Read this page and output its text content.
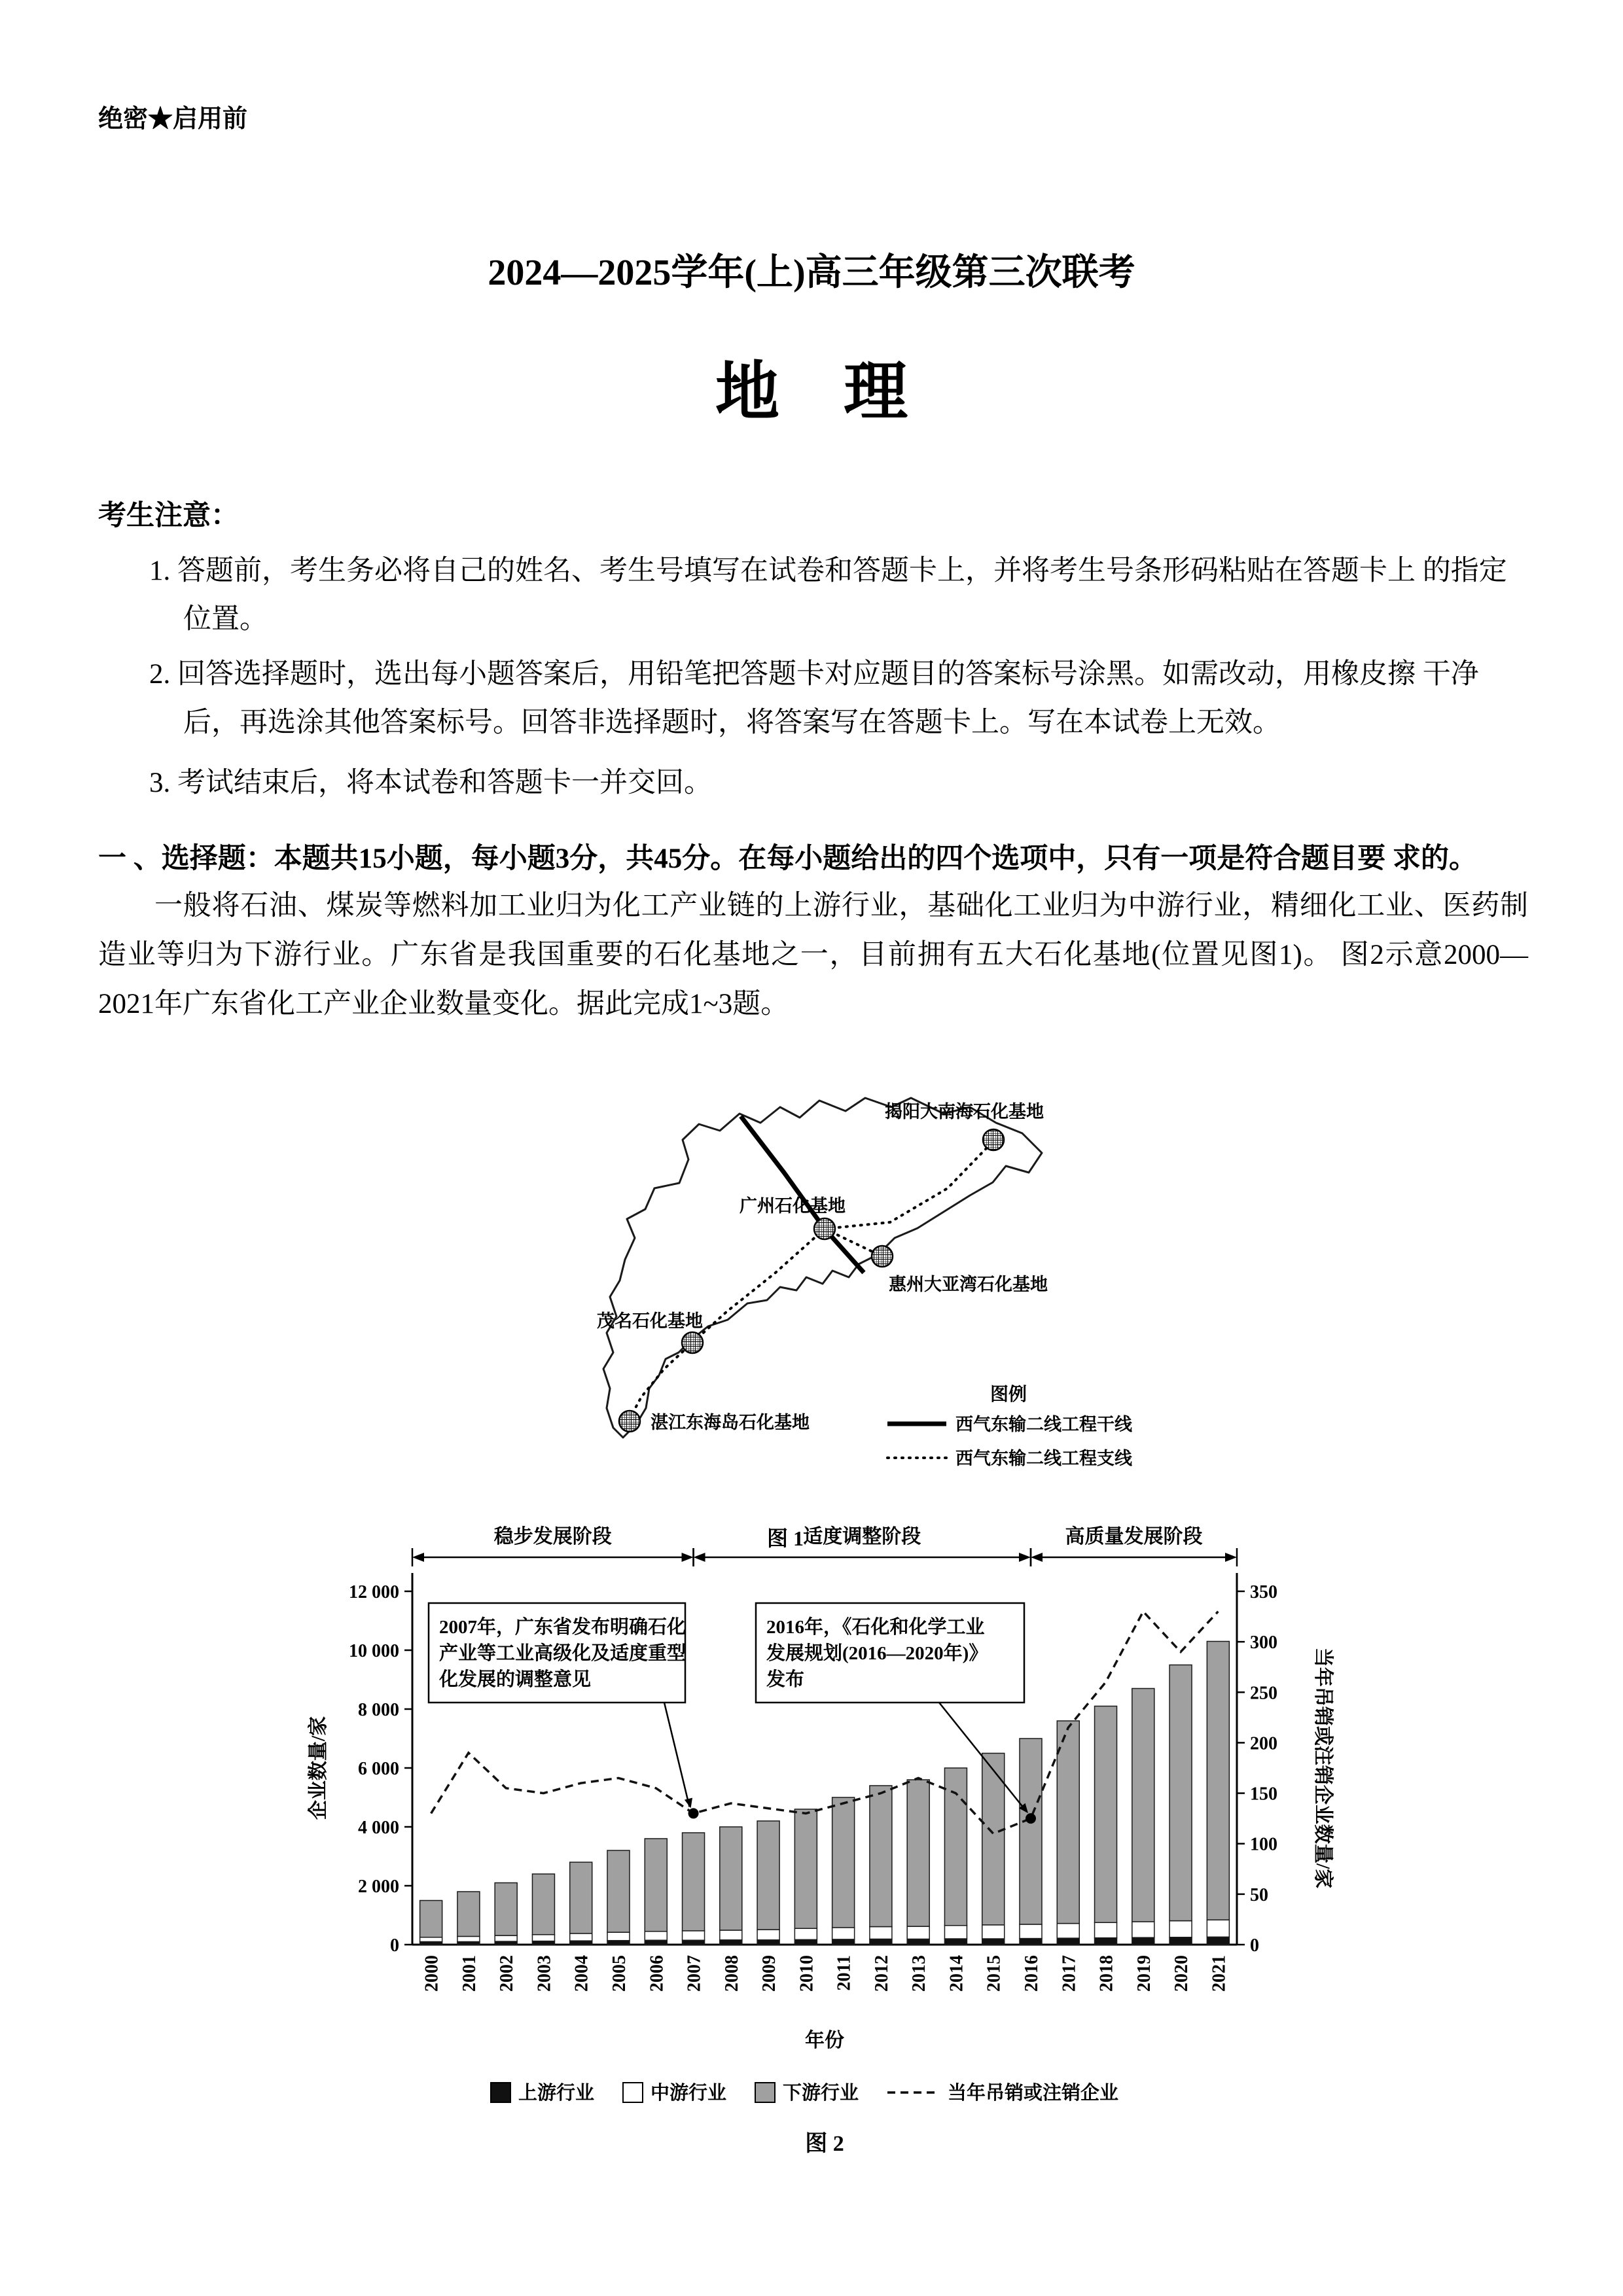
绝密★启用前
2024—2025学年(上)高三年级第三次联考
地　理
考生注意：
1. 答题前，考生务必将自己的姓名、考生号填写在试卷和答题卡上，并将考生号条形码粘贴在答题卡上 的指定位置。
2. 回答选择题时，选出每小题答案后，用铅笔把答题卡对应题目的答案标号涂黑。如需改动，用橡皮擦 干净后，再选涂其他答案标号。回答非选择题时，将答案写在答题卡上。写在本试卷上无效。
3. 考试结束后，将本试卷和答题卡一并交回。
一 、选择题：本题共15小题，每小题3分，共45分。在每小题给出的四个选项中，只有一项是符合题目要 求的。
一般将石油、煤炭等燃料加工业归为化工产业链的上游行业，基础化工业归为中游行业，精细化工业、医药制造业等归为下游行业。广东省是我国重要的石化基地之一，目前拥有五大石化基地(位置见图1)。 图2示意2000—2021年广东省化工产业企业数量变化。据此完成1~3题。
广州石化基地
揭阳大南海石化基地
惠州大亚湾石化基地
茂名石化基地
湛江东海岛石化基地
图例
西气东输二线工程干线
西气东输二线工程支线
图 1
稳步发展阶段	适度调整阶段	高质量发展阶段
0
2 000
4 000
6 000
8 000
10 000
12 000
0
50
100
150
200
250
300
350
2000 2001 2002 2003 2004 2005 2006 2007 2008 2009 2010 2011 2012 2013 2014 2015 2016 2017 2018 2019 2020 2021
2007年，广东省发布明确石化
产业等工业高级化及适度重型
化发展的调整意见
2016年，《石化和化学工业
发展规划(2016—2020年)》
发布
企业数量/家	当年吊销或注销企业数量/家
年份
上游行业	中游行业	下游行业	当年吊销或注销企业
图 2
